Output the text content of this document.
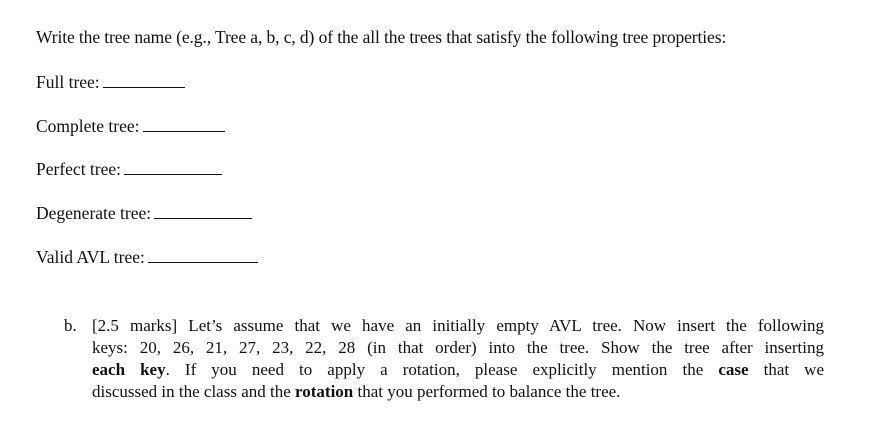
Write the tree name (e.g., Tree a, b, c, d) of the all the trees that satisfy the following tree properties:
Full tree:
Complete tree:
Perfect tree:
Degenerate tree:
Valid AVL tree:
b. [2.5 marks] Let’s assume that we have an initially empty AVL tree. Now insert the following
keys: 20, 26, 21, 27, 23, 22, 28 (in that order) into the tree. Show the tree after inserting
each key. If you need to apply a rotation, please explicitly mention the case that we
discussed in the class and the rotation that you performed to balance the tree.
